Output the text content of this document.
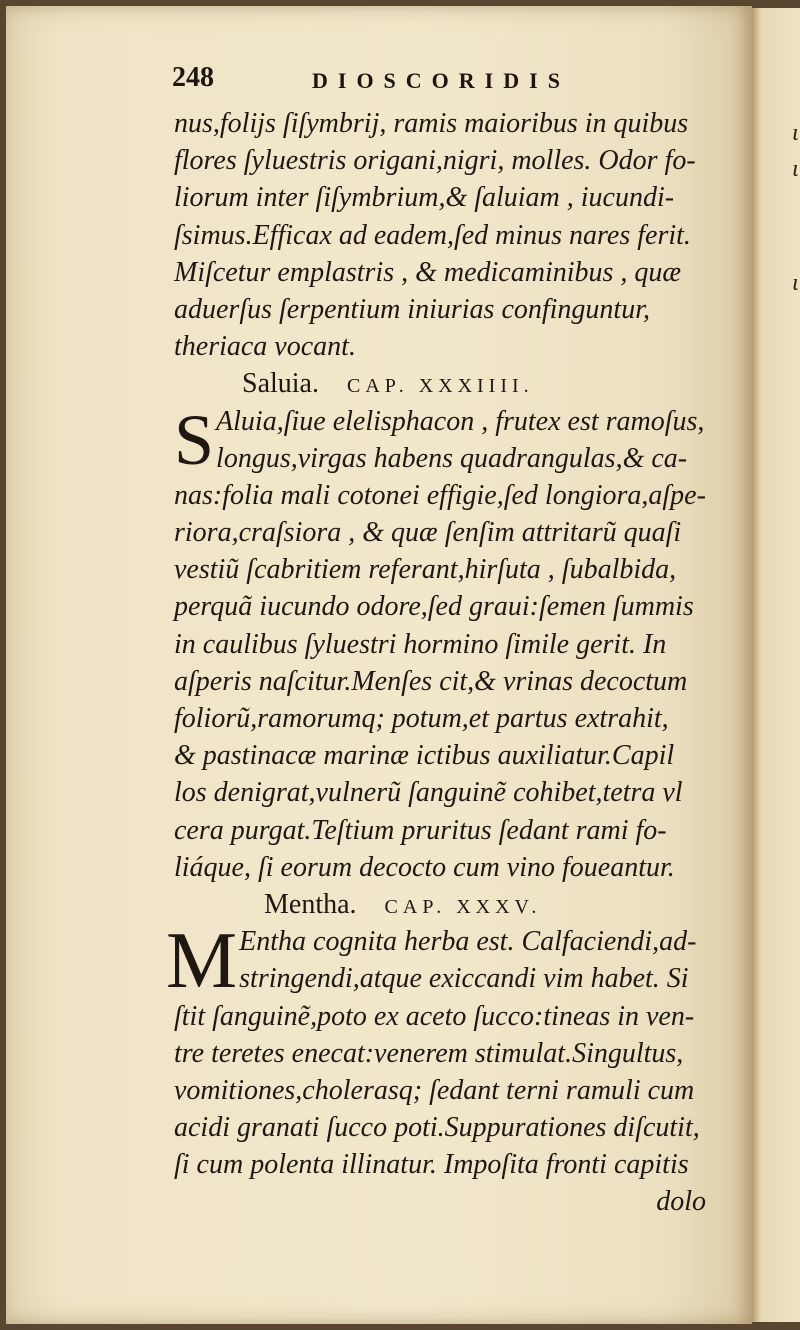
ι
ι
ι
248	DIOSCORIDIS
nus,folijs ſiſymbrij, ramis maioribus in quibus
flores ſyluestris origani,nigri, molles. Odor fo-
liorum inter ſiſymbrium,& ſaluiam , iucundi-
ſsimus.Efficax ad eadem,ſed minus nares ferit.
Miſcetur emplastris , & medicaminibus , quæ
aduerſus ſerpentium iniurias confinguntur,
theriaca vocant.
Saluia. CAP. XXXIIII.
S Aluia,ſiue elelisphacon , frutex est ramoſus,
longus,virgas habens quadrangulas,& ca-
nas:folia mali cotonei effigie,ſed longiora,aſpe-
riora,craſsiora , & quæ ſenſim attritarũ quaſi
vestiũ ſcabritiem referant,hirſuta , ſubalbida,
perquã iucundo odore,ſed graui:ſemen ſummis
in caulibus ſyluestri hormino ſimile gerit. In
aſperis naſcitur.Menſes cit,& vrinas decoctum
foliorũ,ramorumq; potum,et partus extrahit,
& pastinacæ marinæ ictibus auxiliatur.Capil
los denigrat,vulnerũ ſanguinẽ cohibet,tetra vl
cera purgat.Teſtium pruritus ſedant rami fo-
liáque, ſi eorum decocto cum vino foueantur.
Mentha. CAP. XXXV.
M Entha cognita herba est. Calfaciendi,ad-
stringendi,atque exiccandi vim habet. Si
ſtit ſanguinẽ,poto ex aceto ſucco:tineas in ven-
tre teretes enecat:venerem stimulat.Singultus,
vomitiones,cholerasq; ſedant terni ramuli cum
acidi granati ſucco poti.Suppurationes diſcutit,
ſi cum polenta illinatur. Impoſita fronti capitis
dolo
